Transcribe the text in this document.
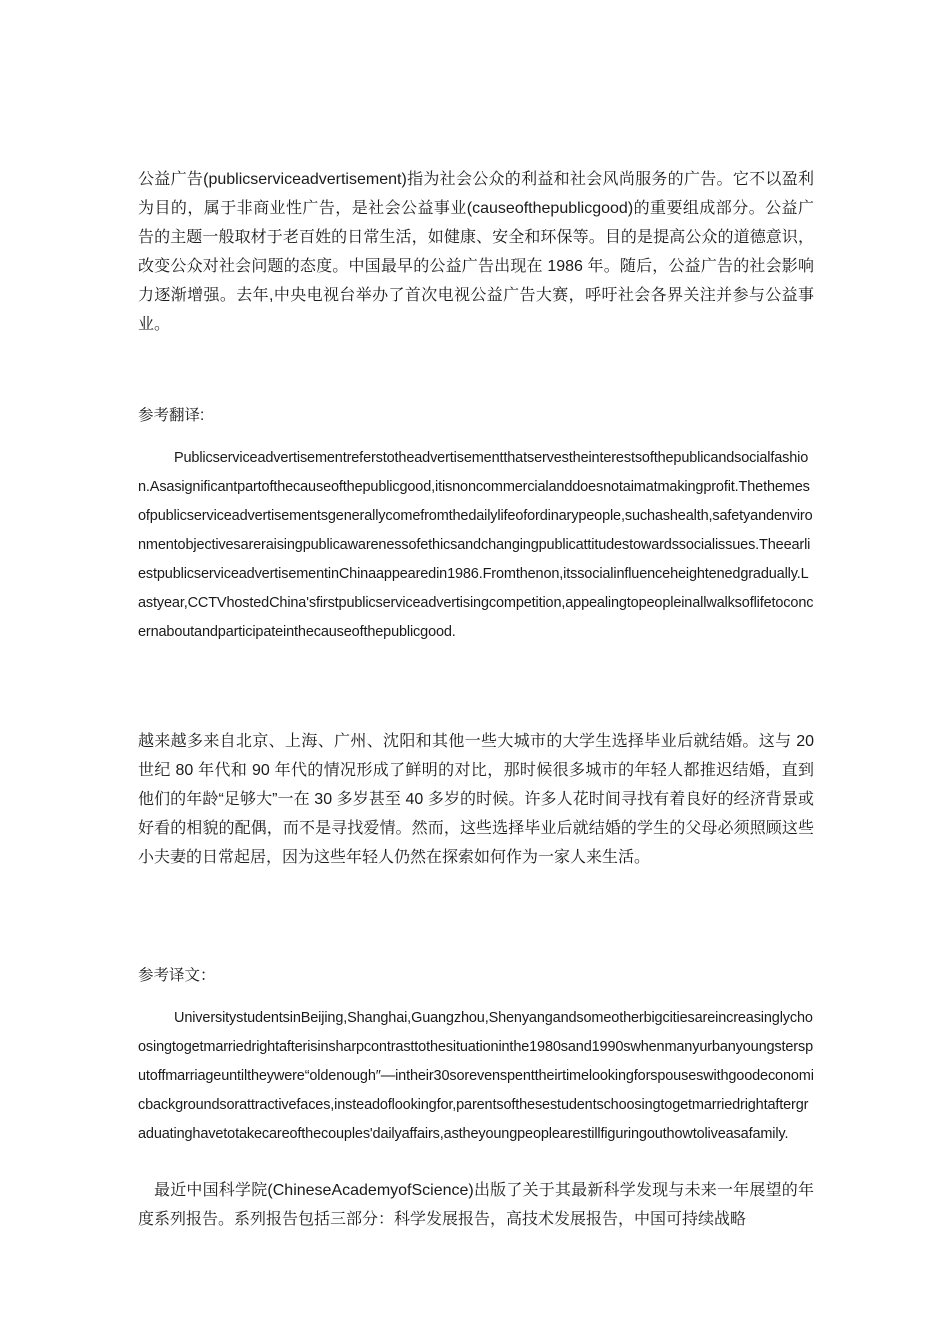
公益广告(publicserviceadvertisement)指为社会公众的利益和社会风尚服务的广告。它不以盈利为目的，属于非商业性广告，是社会公益事业(causeofthepublicgood)的重要组成部分。公益广告的主题一般取材于老百姓的日常生活，如健康、安全和环保等。目的是提高公众的道德意识，改变公众对社会问题的态度。中国最早的公益广告出现在 1986 年。随后，公益广告的社会影响力逐渐增强。去年,中央电视台举办了首次电视公益广告大赛，呼吁社会各界关注并参与公益事业。

参考翻译:

Publicserviceadvertisementreferstotheadvertisementthatservestheinterestsofthepublicandsocialfashion.Asasignificantpartofthecauseofthepublicgood,itisnoncommercialanddoesnotaimatmakingprofit.Thethemesofpublicserviceadvertisementsgenerallycomefromthedailylifeofordinarypeople,suchashealth,safetyandenvironmentobjectivesareraisingpublicawarenessofethicsandchangingpublicattitudestowardssocialissues.TheearliestpublicserviceadvertisementinChinaappearedin1986.Fromthenon,itssocialinfluenceheightenedgradually.Lastyear,CCTVhostedChina'sfirstpublicserviceadvertisingcompetition,appealingtopeopleinallwalksoflifetoconcernaboutandparticipateinthecauseofthepublicgood.

越来越多来自北京、上海、广州、沈阳和其他一些大城市的大学生选择毕业后就结婚。这与 20 世纪 80 年代和 90 年代的情况形成了鲜明的对比，那时候很多城市的年轻人都推迟结婚，直到他们的年龄“足够大”一在 30 多岁甚至 40 多岁的时候。许多人花时间寻找有着良好的经济背景或好看的相貌的配偶，而不是寻找爱情。然而，这些选择毕业后就结婚的学生的父母必须照顾这些小夫妻的日常起居，因为这些年轻人仍然在探索如何作为一家人来生活。

参考译文：

UniversitystudentsinBeijing,Shanghai,Guangzhou,Shenyangandsomeotherbigcitiesareincreasinglychoosingtogetmarriedrightafterisinsharpcontrasttothesituationinthe1980sand1990swhenmanyurbanyoungstersputoffmarriageuntiltheywere“oldenough″—intheir30sorevenspenttheirtimelookingforspouseswithgoodeconomicbackgroundsorattractivefaces,insteadoflookingfor,parentsofthesestudentschoosingtogetmarriedrightaftergraduatinghavetotakecareofthecouples'dailyaffairs,astheyoungpeoplearestillfiguringouthowtoliveasafamily.

最近中国科学院(ChineseAcademyofScience)出版了关于其最新科学发现与未来一年展望的年度系列报告。系列报告包括三部分：科学发展报告，高技术发展报告，中国可持续战略
